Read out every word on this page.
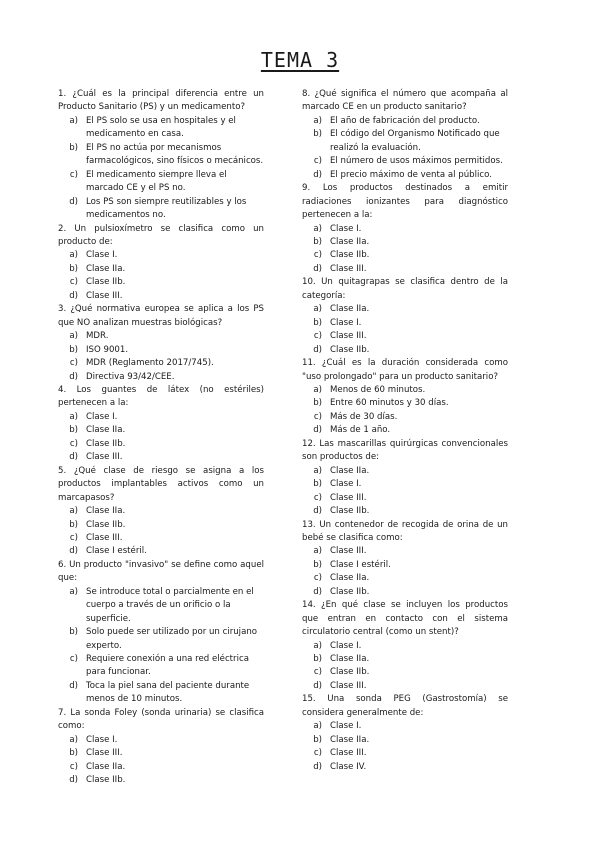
TEMA 3
1. ¿Cuál es la principal diferencia entre un Producto Sanitario (PS) y un medicamento?
a) El PS solo se usa en hospitales y el medicamento en casa.
b) El PS no actúa por mecanismos farmacológicos, sino físicos o mecánicos.
c) El medicamento siempre lleva el marcado CE y el PS no.
d) Los PS son siempre reutilizables y los medicamentos no.
2. Un pulsioxímetro se clasifica como un producto de:
a) Clase I.
b) Clase IIa.
c) Clase IIb.
d) Clase III.
3. ¿Qué normativa europea se aplica a los PS que NO analizan muestras biológicas?
a) MDR.
b) ISO 9001.
c) MDR (Reglamento 2017/745).
d) Directiva 93/42/CEE.
4. Los guantes de látex (no estériles) pertenecen a la:
a) Clase I.
b) Clase IIa.
c) Clase IIb.
d) Clase III.
5. ¿Qué clase de riesgo se asigna a los productos implantables activos como un marcapasos?
a) Clase IIa.
b) Clase IIb.
c) Clase III.
d) Clase I estéril.
6. Un producto "invasivo" se define como aquel que:
a) Se introduce total o parcialmente en el cuerpo a través de un orificio o la superficie.
b) Solo puede ser utilizado por un cirujano experto.
c) Requiere conexión a una red eléctrica para funcionar.
d) Toca la piel sana del paciente durante menos de 10 minutos.
7. La sonda Foley (sonda urinaria) se clasifica como:
a) Clase I.
b) Clase III.
c) Clase IIa.
d) Clase IIb.
8. ¿Qué significa el número que acompaña al marcado CE en un producto sanitario?
a) El año de fabricación del producto.
b) El código del Organismo Notificado que realizó la evaluación.
c) El número de usos máximos permitidos.
d) El precio máximo de venta al público.
9. Los productos destinados a emitir radiaciones ionizantes para diagnóstico pertenecen a la:
a) Clase I.
b) Clase IIa.
c) Clase IIb.
d) Clase III.
10. Un quitagrapas se clasifica dentro de la categoría:
a) Clase IIa.
b) Clase I.
c) Clase III.
d) Clase IIb.
11. ¿Cuál es la duración considerada como "uso prolongado" para un producto sanitario?
a) Menos de 60 minutos.
b) Entre 60 minutos y 30 días.
c) Más de 30 días.
d) Más de 1 año.
12. Las mascarillas quirúrgicas convencionales son productos de:
a) Clase IIa.
b) Clase I.
c) Clase III.
d) Clase IIb.
13. Un contenedor de recogida de orina de un bebé se clasifica como:
a) Clase III.
b) Clase I estéril.
c) Clase IIa.
d) Clase IIb.
14. ¿En qué clase se incluyen los productos que entran en contacto con el sistema circulatorio central (como un stent)?
a) Clase I.
b) Clase IIa.
c) Clase IIb.
d) Clase III.
15. Una sonda PEG (Gastrostomía) se considera generalmente de:
a) Clase I.
b) Clase IIa.
c) Clase III.
d) Clase IV.
